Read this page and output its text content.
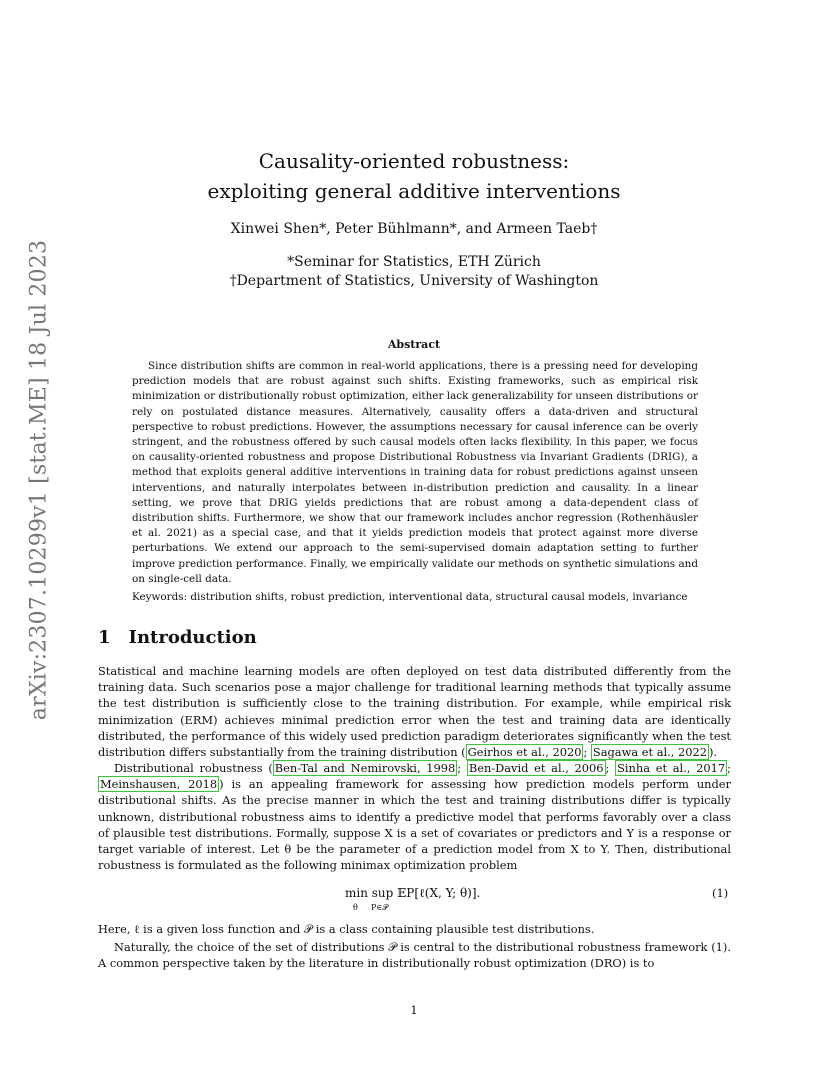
arXiv:2307.10299v1 [stat.ME] 18 Jul 2023
Causality-oriented robustness:
exploiting general additive interventions
Xinwei Shen*, Peter Bühlmann*, and Armeen Taeb†
*Seminar for Statistics, ETH Zürich
†Department of Statistics, University of Washington
Abstract
Since distribution shifts are common in real-world applications, there is a pressing need for developing prediction models that are robust against such shifts. Existing frameworks, such as empirical risk minimization or distributionally robust optimization, either lack generalizability for unseen distributions or rely on postulated distance measures. Alternatively, causality offers a data-driven and structural perspective to robust predictions. However, the assumptions necessary for causal inference can be overly stringent, and the robustness offered by such causal models often lacks flexibility. In this paper, we focus on causality-oriented robustness and propose Distributional Robustness via Invariant Gradients (DRIG), a method that exploits general additive interventions in training data for robust predictions against unseen interventions, and naturally interpolates between in-distribution prediction and causality. In a linear setting, we prove that DRIG yields predictions that are robust among a data-dependent class of distribution shifts. Furthermore, we show that our framework includes anchor regression (Rothenhäusler et al. 2021) as a special case, and that it yields prediction models that protect against more diverse perturbations. We extend our approach to the semi-supervised domain adaptation setting to further improve prediction performance. Finally, we empirically validate our methods on synthetic simulations and on single-cell data.
Keywords: distribution shifts, robust prediction, interventional data, structural causal models, invariance
1 Introduction
Statistical and machine learning models are often deployed on test data distributed differently from the training data. Such scenarios pose a major challenge for traditional learning methods that typically assume the test distribution is sufficiently close to the training distribution. For example, while empirical risk minimization (ERM) achieves minimal prediction error when the test and training data are identically distributed, the performance of this widely used prediction paradigm deteriorates significantly when the test distribution differs substantially from the training distribution ( Geirhos et al., 2020 ; Sagawa et al., 2022 ).
Distributional robustness ( Ben-Tal and Nemirovski, 1998 ; Ben-David et al., 2006 ; Sinha et al., 2017 ; Meinshausen, 2018 ) is an appealing framework for assessing how prediction models perform under distributional shifts. As the precise manner in which the test and training distributions differ is typically unknown, distributional robustness aims to identify a predictive model that performs favorably over a class of plausible test distributions. Formally, suppose X is a set of covariates or predictors and Y is a response or target variable of interest. Let θ be the parameter of a prediction model from X to Y. Then, distributional robustness is formulated as the following minimax optimization problem
min sup 𝔼P[ℓ(X, Y; θ)].
θ P∈𝒫
(1)
Here, ℓ is a given loss function and 𝒫 is a class containing plausible test distributions.
Naturally, the choice of the set of distributions 𝒫 is central to the distributional robustness framework (1). A common perspective taken by the literature in distributionally robust optimization (DRO) is to
1
